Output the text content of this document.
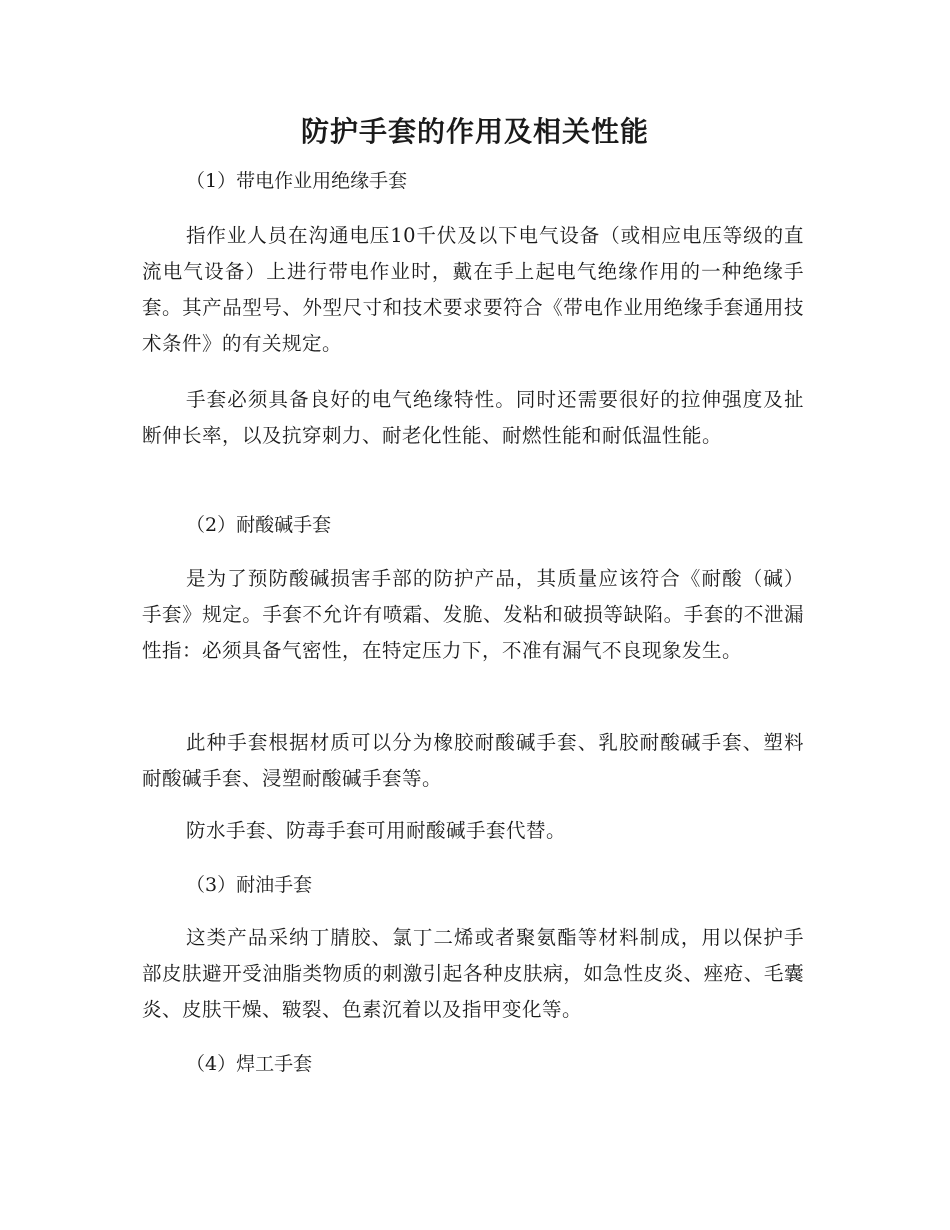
防护手套的作用及相关性能
（1）带电作业用绝缘手套

指作业人员在沟通电压10千伏及以下电气设备（或相应电压等级的直流电气设备）上进行带电作业时，戴在手上起电气绝缘作用的一种绝缘手套。其产品型号、外型尺寸和技术要求要符合《带电作业用绝缘手套通用技术条件》的有关规定。

手套必须具备良好的电气绝缘特性。同时还需要很好的拉伸强度及扯断伸长率，以及抗穿刺力、耐老化性能、耐燃性能和耐低温性能。

（2）耐酸碱手套

是为了预防酸碱损害手部的防护产品，其质量应该符合《耐酸（碱）手套》规定。手套不允许有喷霜、发脆、发粘和破损等缺陷。手套的不泄漏性指：必须具备气密性，在特定压力下，不准有漏气不良现象发生。

此种手套根据材质可以分为橡胶耐酸碱手套、乳胶耐酸碱手套、塑料耐酸碱手套、浸塑耐酸碱手套等。

防水手套、防毒手套可用耐酸碱手套代替。

（3）耐油手套

这类产品采纳丁腈胶、氯丁二烯或者聚氨酯等材料制成，用以保护手部皮肤避开受油脂类物质的刺激引起各种皮肤病，如急性皮炎、痤疮、毛囊炎、皮肤干燥、皲裂、色素沉着以及指甲变化等。

（4）焊工手套
